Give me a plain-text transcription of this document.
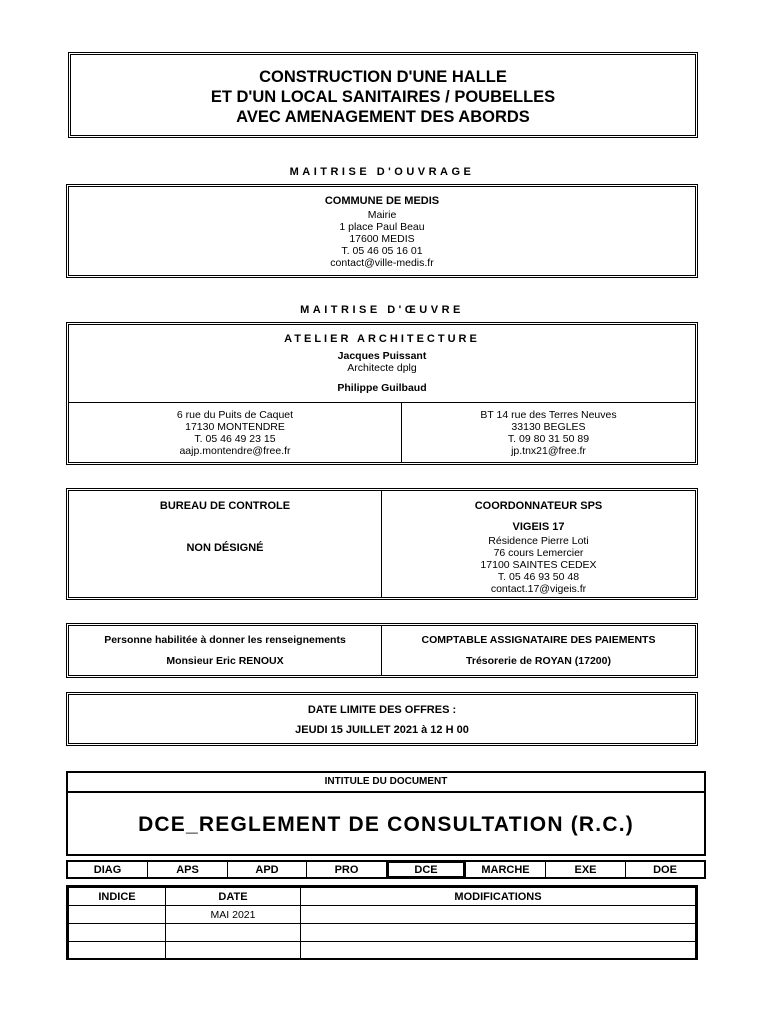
CONSTRUCTION D'UNE HALLE
ET D'UN LOCAL SANITAIRES / POUBELLES
AVEC AMENAGEMENT DES ABORDS
MAITRISE D'OUVRAGE
COMMUNE DE MEDIS
Mairie
1 place Paul Beau
17600 MEDIS
T. 05 46 05 16 01
contact@ville-medis.fr
MAITRISE D'ŒUVRE
ATELIER ARCHITECTURE
Jacques Puissant
Architecte dplg
Philippe Guilbaud
6 rue du Puits de Caquet
17130 MONTENDRE
T. 05 46 49 23 15
aajp.montendre@free.fr
BT 14 rue des Terres Neuves
33130 BEGLES
T. 09 80 31 50 89
jp.tnx21@free.fr
BUREAU DE CONTROLE
NON DÉSIGNÉ
COORDONNATEUR SPS
VIGEIS 17
Résidence Pierre Loti
76 cours Lemercier
17100 SAINTES CEDEX
T. 05 46 93 50 48
contact.17@vigeis.fr
Personne habilitée à donner les renseignements
Monsieur Eric RENOUX
COMPTABLE ASSIGNATAIRE DES PAIEMENTS
Trésorerie de ROYAN (17200)
DATE LIMITE DES OFFRES :
JEUDI 15 JUILLET 2021 à 12 H 00
INTITULE DU DOCUMENT
DCE_REGLEMENT DE CONSULTATION (R.C.)
DIAG	APS	APD	PRO	DCE	MARCHE	EXE	DOE
INDICE	DATE	MODIFICATIONS
	MAI 2021	
